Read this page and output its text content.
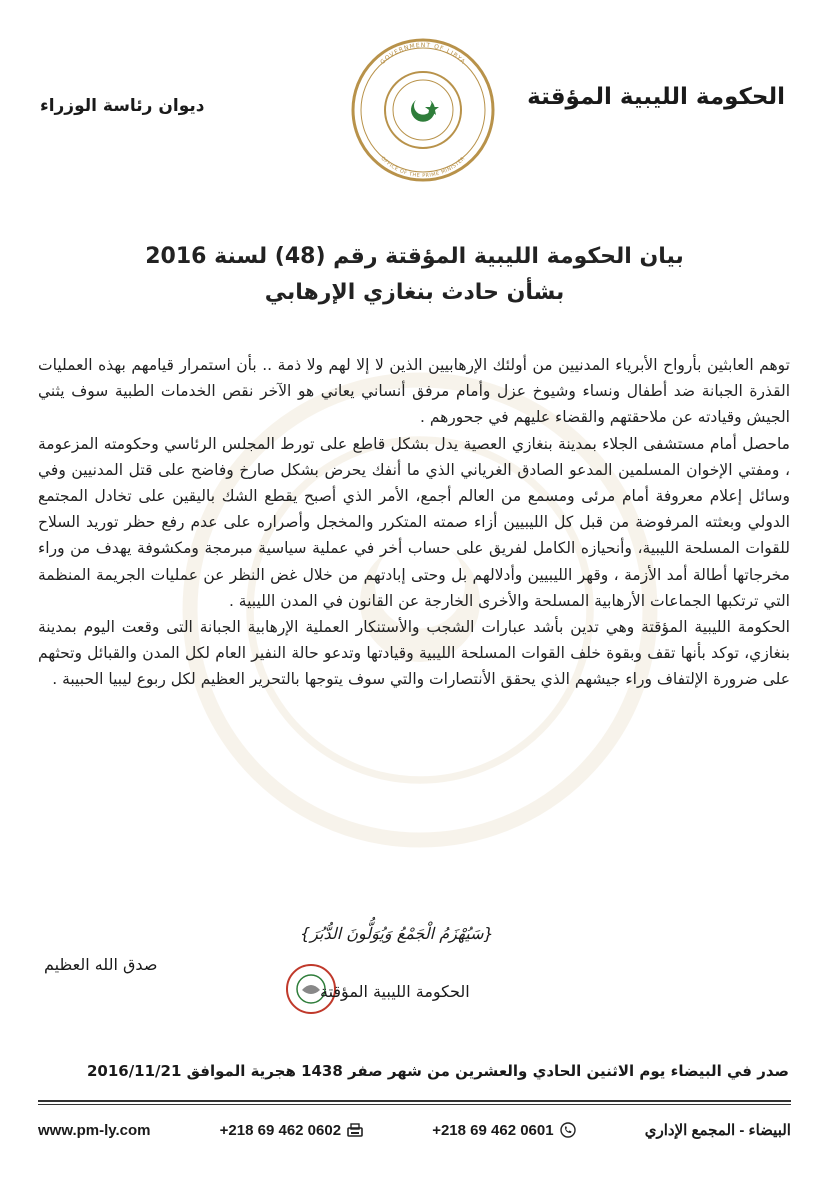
الحكومة الليبية المؤقتة
ديوان رئاسة الوزراء
GOVERNMENT OF LIBYA
OFFICE OF THE PRIME MINISTER
بيان الحكومة الليبية المؤقتة رقم (48) لسنة 2016
بشأن حادث بنغازي الإرهابي

توهم العابثين بأرواح الأبرياء المدنيين من أولئك الإرهابيين الذين لا إلا لهم ولا ذمة .. بأن استمرار قيامهم بهذه العمليات القذرة الجبانة ضد أطفال ونساء وشيوخ عزل وأمام مرفق أنساني يعاني هو الآخر نقص الخدمات الطبية سوف يثني الجيش وقيادته عن ملاحقتهم والقضاء عليهم في جحورهم .

ماحصل أمام مستشفى الجلاء بمدينة بنغازي العصية يدل بشكل قاطع على تورط المجلس الرئاسي وحكومته المزعومة ، ومفتي الإخوان المسلمين المدعو الصادق الغرياني الذي ما أنفك يحرض بشكل صارخ وفاضح على قتل المدنيين وفي وسائل إعلام معروفة أمام مرئى ومسمع من العالم أجمع، الأمر الذي أصبح يقطع الشك باليقين على تخادل المجتمع الدولي وبعثته المرفوضة من قبل كل الليبيين أزاء صمته المتكرر والمخجل وأصراره على عدم رفع حظر توريد السلاح للقوات المسلحة الليبية، وأنحيازه الكامل لفريق على حساب أخر في عملية سياسية مبرمجة ومكشوفة يهدف من وراء مخرجاتها أطالة أمد الأزمة ، وقهر الليبيين وأدلالهم بل وحتى إبادتهم من خلال غض النظر عن عمليات الجريمة المنظمة التي ترتكبها الجماعات الأرهابية المسلحة والأخرى الخارجة عن القانون في المدن الليبية .

الحكومة الليبية المؤقتة وهي تدين بأشد عبارات الشجب والأستنكار العملية الإرهابية الجبانة التى وقعت اليوم بمدينة بنغازي، توكد بأنها تقف وبقوة خلف القوات المسلحة الليبية وقيادتها وتدعو حالة النفير العام لكل المدن والقبائل وتحثهم على ضرورة الإلتفاف وراء جيشهم الذي يحقق الأنتصارات والتي سوف يتوجها بالتحرير العظيم لكل ربوع ليبيا الحبيبة .

{سَيُهْزَمُ الْجَمْعُ وَيُوَلُّونَ الدُّبُرَ}
صدق الله العظيم
الحكومة الليبية المؤقتة
صدر في البيضاء يوم الاثنين الحادي والعشرين من شهر صفر 1438 هجرية الموافق 2016/11/21
www.pm-ly.com	+218 69 462 0602	+218 69 462 0601	البيضاء - المجمع الإداري
